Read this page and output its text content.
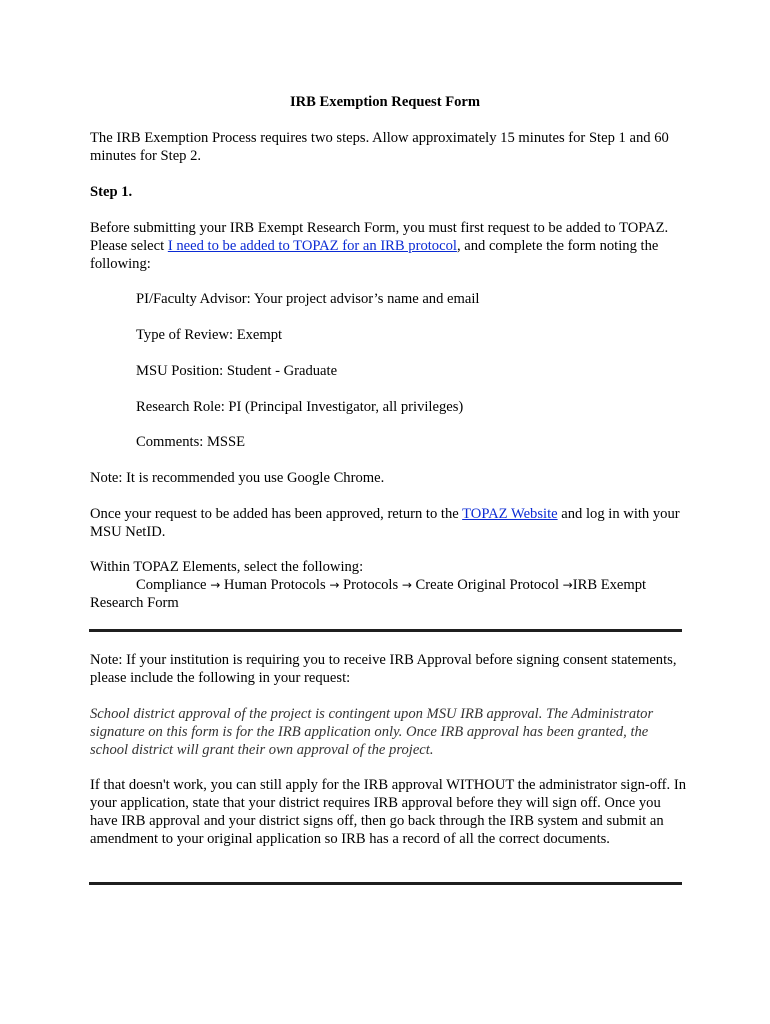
IRB Exemption Request Form

The IRB Exemption Process requires two steps. Allow approximately 15 minutes for Step 1 and 60 minutes for Step 2.

Step 1.

Before submitting your IRB Exempt Research Form, you must first request to be added to TOPAZ. Please select I need to be added to TOPAZ for an IRB protocol, and complete the form noting the following:

PI/Faculty Advisor: Your project advisor’s name and email

Type of Review: Exempt

MSU Position: Student - Graduate

Research Role: PI (Principal Investigator, all privileges)

Comments: MSSE

Note: It is recommended you use Google Chrome.

Once your request to be added has been approved, return to the TOPAZ Website and log in with your MSU NetID.

Within TOPAZ Elements, select the following:
Compliance → Human Protocols → Protocols → Create Original Protocol →IRB Exempt Research Form

Note: If your institution is requiring you to receive IRB Approval before signing consent statements, please include the following in your request:

School district approval of the project is contingent upon MSU IRB approval. The Administrator signature on this form is for the IRB application only. Once IRB approval has been granted, the school district will grant their own approval of the project.

If that doesn't work, you can still apply for the IRB approval WITHOUT the administrator sign-off. In your application, state that your district requires IRB approval before they will sign off. Once you have IRB approval and your district signs off, then go back through the IRB system and submit an amendment to your original application so IRB has a record of all the correct documents.
